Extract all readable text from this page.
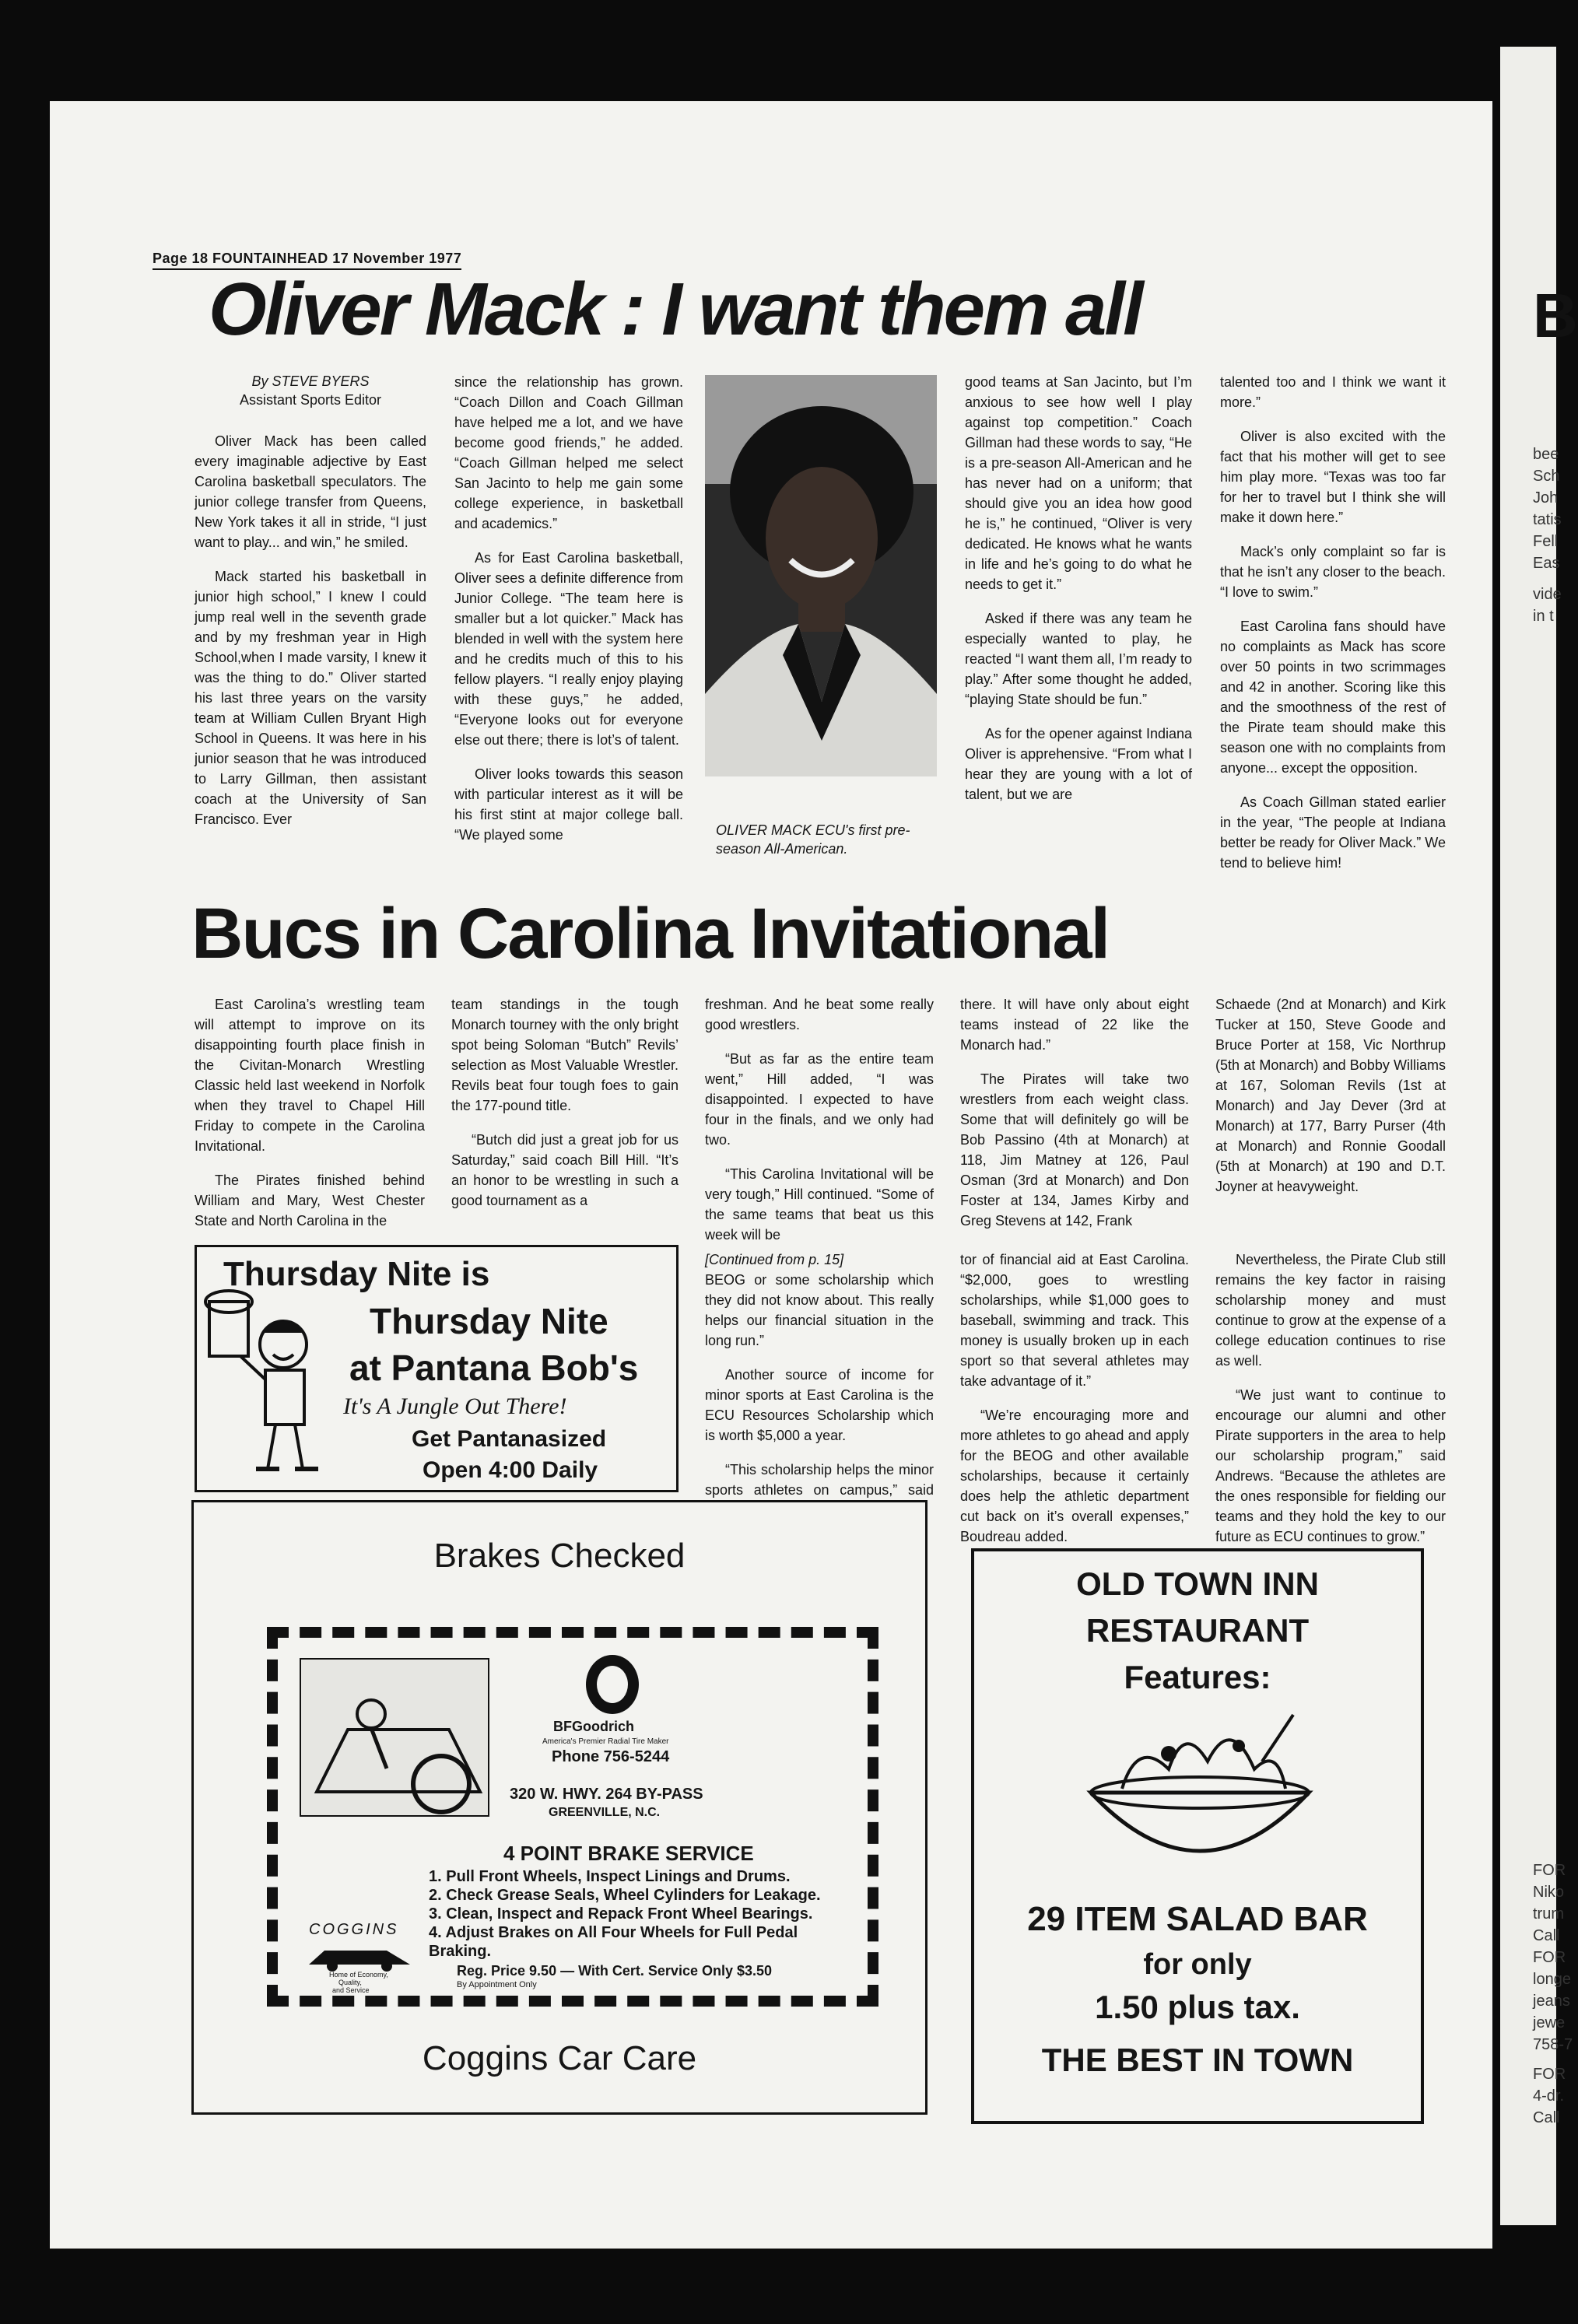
B
bee
Sch
Joh
tatis
Fell
Eas
vide
in t
FOR
Niko
trum
Call
FOR
longe
jeans
jewe
758-7
FOR
4-dr.
Call
Page 18 FOUNTAINHEAD 17 November 1977
Oliver Mack : I want them all
By STEVE BYERS
Assistant Sports Editor

Oliver Mack has been called every imaginable adjective by East Carolina basketball speculators. The junior college transfer from Queens, New York takes it all in stride, “I just want to play... and win,” he smiled.

Mack started his basketball in junior high school,” I knew I could jump real well in the seventh grade and by my freshman year in High School,when I made varsity, I knew it was the thing to do.” Oliver started his last three years on the varsity team at William Cullen Bryant High School in Queens. It was here in his junior season that he was introduced to Larry Gillman, then assistant coach at the University of San Francisco. Ever

since the relationship has grown. “Coach Dillon and Coach Gillman have helped me a lot, and we have become good friends,” he added. “Coach Gillman helped me select San Jacinto to help me gain some college experience, in basketball and academics.”

As for East Carolina basketball, Oliver sees a definite difference from Junior College. “The team here is smaller but a lot quicker.” Mack has blended in well with the system here and he credits much of this to his fellow players. “I really enjoy playing with these guys,” he added, “Everyone looks out for everyone else out there; there is lot’s of talent.

Oliver looks towards this season with particular interest as it will be his first stint at major college ball. “We played some	OLIVER MACK ECU's first pre-season All-American.

good teams at San Jacinto, but I’m anxious to see how well I play against top competition.” Coach Gillman had these words to say, “He is a pre-season All-American and he has never had on a uniform; that should give you an idea how good he is,” he continued, “Oliver is very dedicated. He knows what he wants in life and he’s going to do what he needs to get it.”

Asked if there was any team he especially wanted to play, he reacted “I want them all, I’m ready to play.” After some thought he added, “playing State should be fun.”

As for the opener against Indiana Oliver is apprehensive. “From what I hear they are young with a lot of talent, but we are

talented too and I think we want it more.”

Oliver is also excited with the fact that his mother will get to see him play more. “Texas was too far for her to travel but I think she will make it down here.”

Mack’s only complaint so far is that he isn’t any closer to the beach. “I love to swim.”

East Carolina fans should have no complaints as Mack has score over 50 points in two scrimmages and 42 in another. Scoring like this and the smoothness of the rest of the Pirate team should make this season one with no complaints from anyone... except the opposition.

As Coach Gillman stated earlier in the year, “The people at Indiana better be ready for Oliver Mack.” We tend to believe him!

Bucs in Carolina Invitational

East Carolina’s wrestling team will attempt to improve on its disappointing fourth place finish in the Civitan-Monarch Wrestling Classic held last weekend in Norfolk when they travel to Chapel Hill Friday to compete in the Carolina Invitational.

The Pirates finished behind William and Mary, West Chester State and North Carolina in the

team standings in the tough Monarch tourney with the only bright spot being Soloman “Butch” Revils’ selection as Most Valuable Wrestler. Revils beat four tough foes to gain the 177-pound title.

“Butch did just a great job for us Saturday,” said coach Bill Hill. “It’s an honor to be wrestling in such a good tournament as a

freshman. And he beat some really good wrestlers.

“But as far as the entire team went,” Hill added, “I was disappointed. I expected to have four in the finals, and we only had two.

“This Carolina Invitational will be very tough,” Hill continued. “Some of the same teams that beat us this week will be

there. It will have only about eight teams instead of 22 like the Monarch had.”

The Pirates will take two wrestlers from each weight class. Some that will definitely go will be Bob Passino (4th at Monarch) at 118, Jim Matney at 126, Paul Osman (3rd at Monarch) and Don Foster at 134, James Kirby and Greg Stevens at 142, Frank

Schaede (2nd at Monarch) and Kirk Tucker at 150, Steve Goode and Bruce Porter at 158, Vic Northrup (5th at Monarch) and Bobby Williams at 167, Soloman Revils (1st at Monarch) and Jay Dever (3rd at Monarch) at 177, Barry Purser (4th at Monarch) and Ronnie Goodall (5th at Monarch) at 190 and D.T. Joyner at heavyweight.

[Continued from p. 15]

BEOG or some scholarship which they did not know about. This really helps our financial situation in the long run.”

Another source of income for minor sports at East Carolina is the ECU Resources Scholarship which is worth $5,000 a year.

“This scholarship helps the minor sports athletes on campus,” said

tor of financial aid at East Carolina. “$2,000, goes to wrestling scholarships, while $1,000 goes to baseball, swimming and track. This money is usually broken up in each sport so that several athletes may take advantage of it.”

“We’re encouraging more and more athletes to go ahead and apply for the BEOG and other available scholarships, because it certainly does help the athletic department cut back on it’s overall expenses,” Boudreau added.

Nevertheless, the Pirate Club still remains the key factor in raising scholarship money and must continue to grow at the expense of a college education continues to rise as well.

“We just want to continue to encourage our alumni and other Pirate supporters in the area to help our scholarship program,” said Andrews. “Because the athletes are the ones responsible for fielding our teams and they hold the key to our future as ECU continues to grow.”

Thursday Nite is
Thursday Nite
at Pantana Bob's
It's A Jungle Out There!
Get Pantanasized
Open 4:00 Daily
Brakes Checked
BFGoodrich
America's Premier Radial Tire Maker
Phone 756-5244
320 W. HWY. 264 BY-PASS
GREENVILLE, N.C.
4 POINT BRAKE SERVICE
1. Pull Front Wheels, Inspect Linings and Drums.
2. Check Grease Seals, Wheel Cylinders for Leakage.
3. Clean, Inspect and Repack Front Wheel Bearings.
4. Adjust Brakes on All Four Wheels for Full Pedal
Braking.
Reg. Price 9.50 — With Cert. Service Only $3.50
By Appointment Only
COGGINS
Home of Economy,
Quality,
and Service
Coggins Car Care
OLD TOWN INN
RESTAURANT
Features:
29 ITEM SALAD BAR
for only
1.50 plus tax.
THE BEST IN TOWN
